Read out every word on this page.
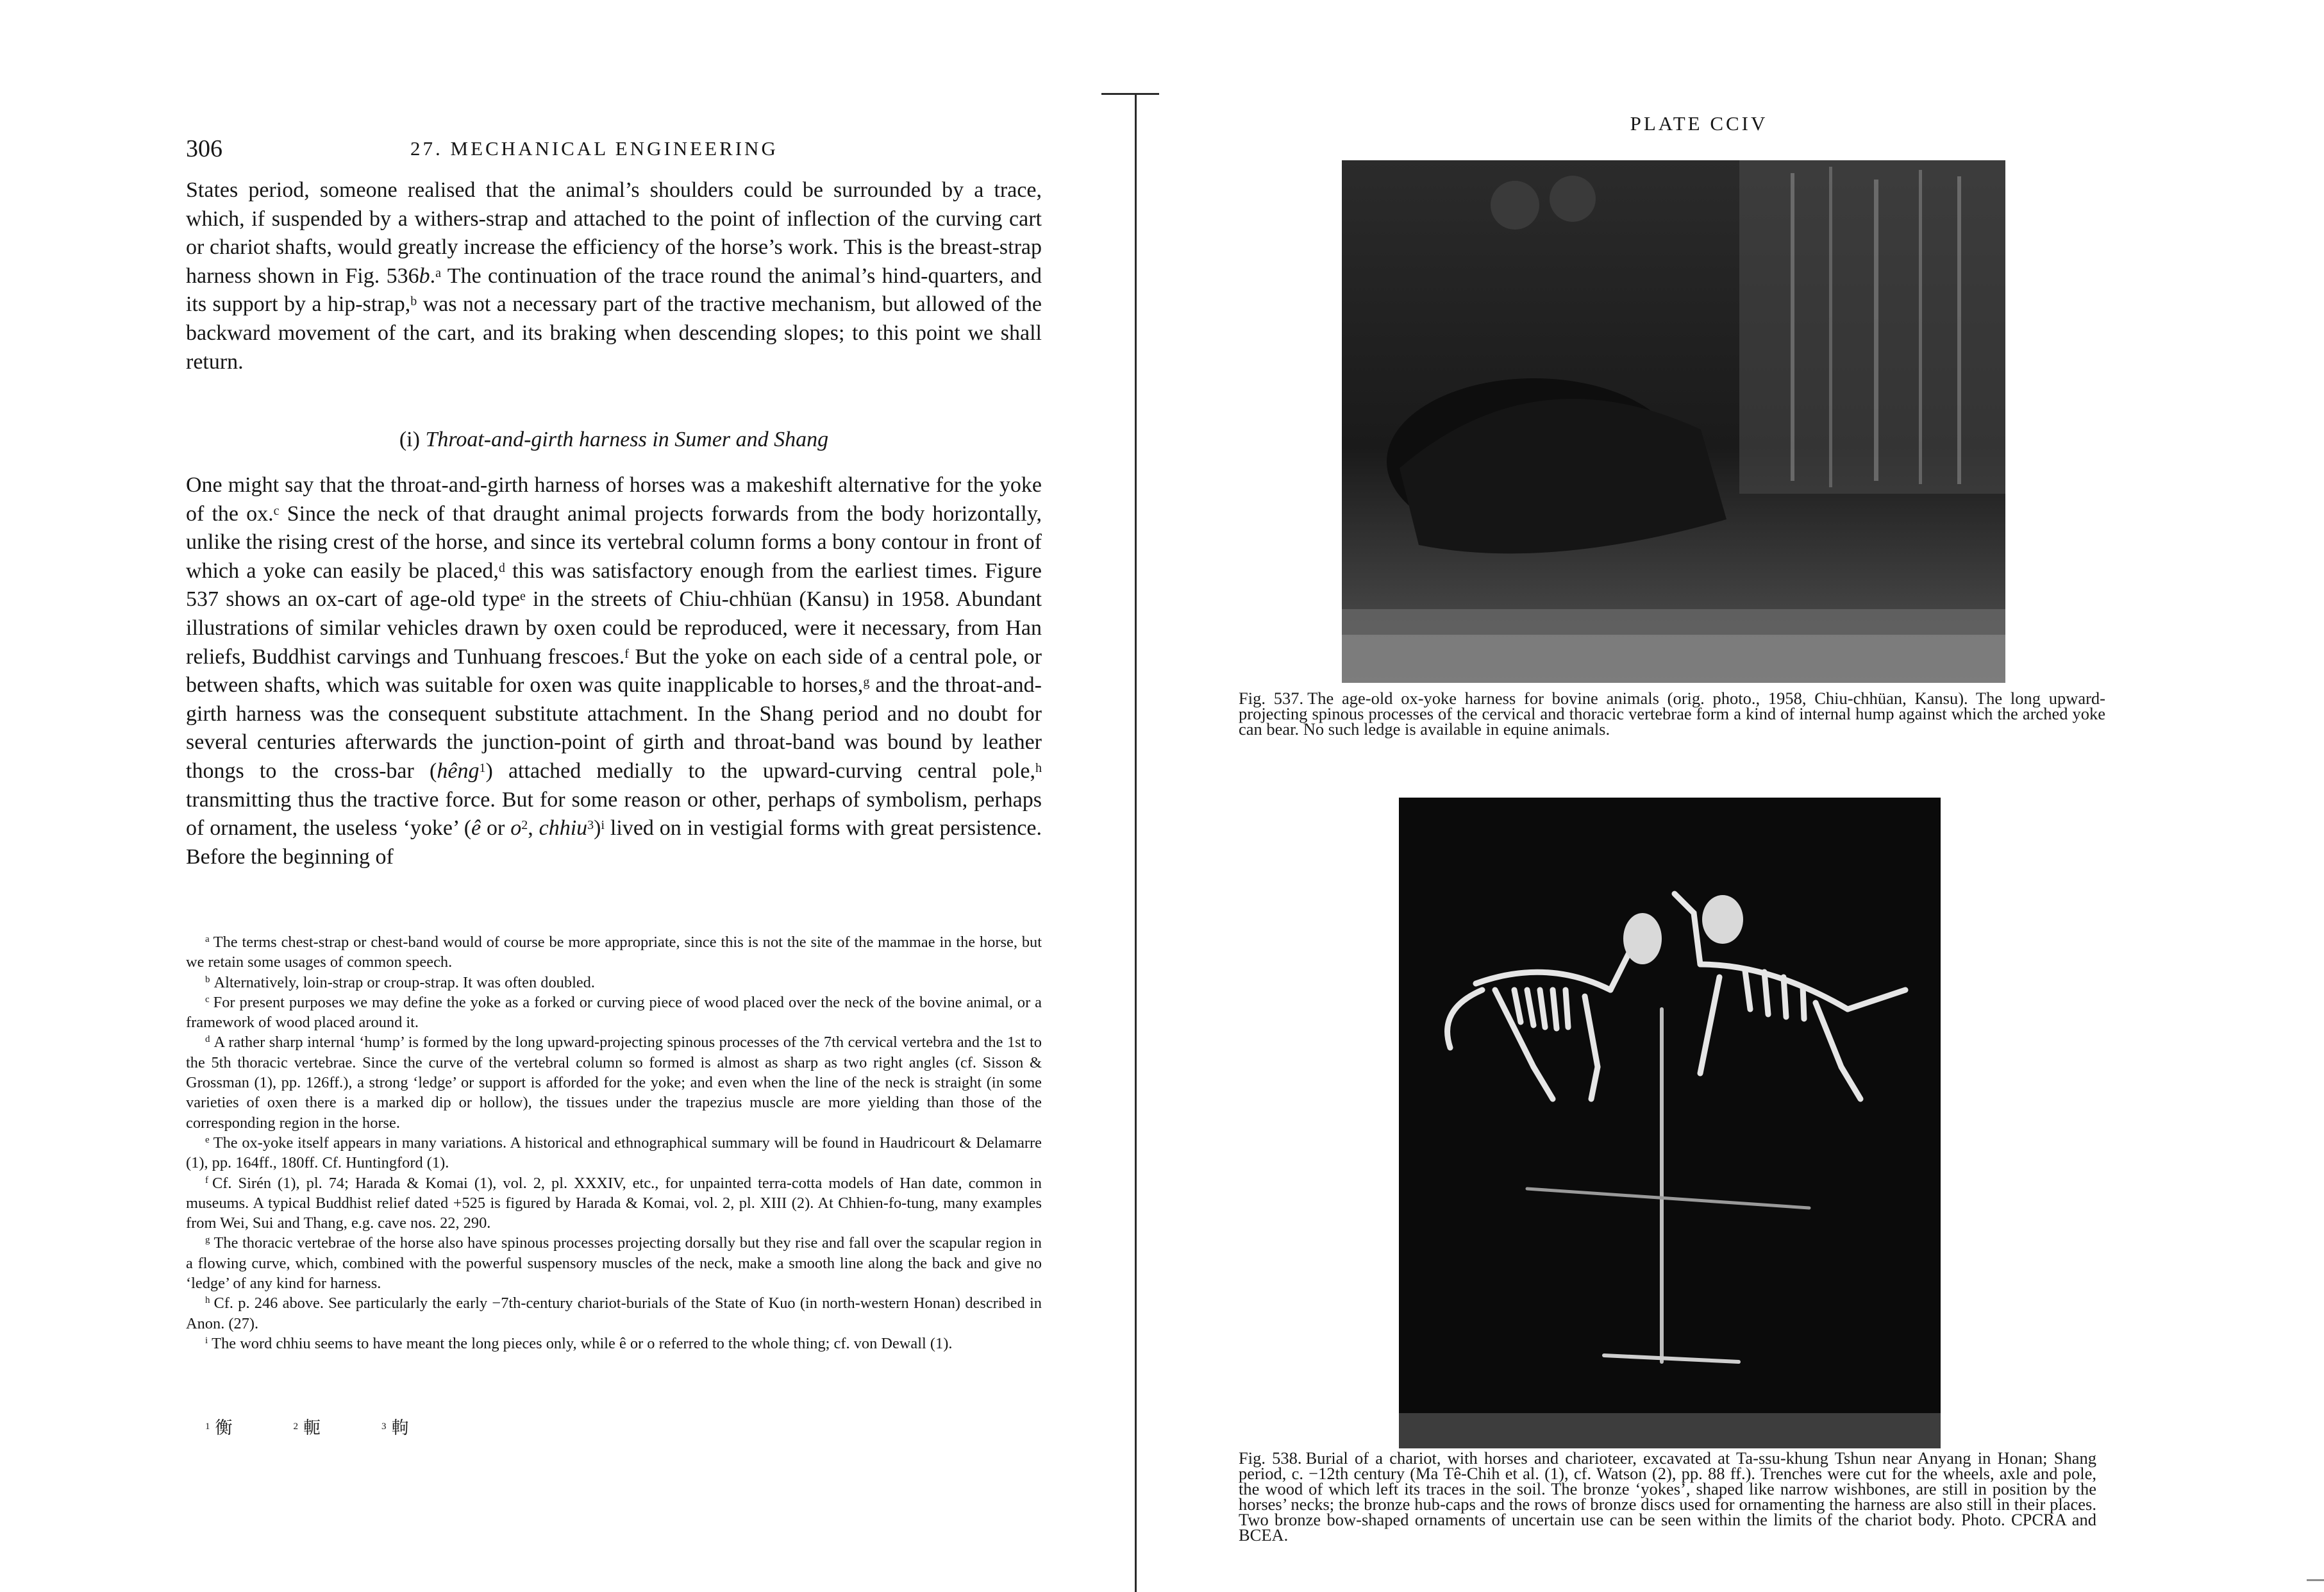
306	27. MECHANICAL ENGINEERING

States period, someone realised that the animal’s shoulders could be surrounded by a trace, which, if suspended by a withers-strap and attached to the point of inflection of the curving cart or chariot shafts, would greatly increase the efficiency of the horse’s work. This is the breast-strap harness shown in Fig. 536b.$^a$ The continuation of the trace round the animal’s hind-quarters, and its support by a hip-strap,$^b$ was not a necessary part of the tractive mechanism, but allowed of the backward movement of the cart, and its braking when descending slopes; to this point we shall return.

(i) Throat-and-girth harness in Sumer and Shang

One might say that the throat-and-girth harness of horses was a makeshift alternative for the yoke of the ox.$^c$ Since the neck of that draught animal projects forwards from the body horizontally, unlike the rising crest of the horse, and since its vertebral column forms a bony contour in front of which a yoke can easily be placed,$^d$ this was satisfactory enough from the earliest times. Figure 537 shows an ox-cart of age-old type$^e$ in the streets of Chiu-chhüan (Kansu) in 1958. Abundant illustrations of similar vehicles drawn by oxen could be reproduced, were it necessary, from Han reliefs, Buddhist carvings and Tunhuang frescoes.$^f$ But the yoke on each side of a central pole, or between shafts, which was suitable for oxen was quite inapplicable to horses,$^g$ and the throat-and-girth harness was the consequent substitute attachment. In the Shang period and no doubt for several centuries afterwards the junction-point of girth and throat-band was bound by leather thongs to the cross-bar (hêng$^1$) attached medially to the upward-curving central pole,$^h$ transmitting thus the tractive force. But for some reason or other, perhaps of symbolism, perhaps of ornament, the useless ‘yoke’ (ê or o$^2$, chhiu$^3$)$^i$ lived on in vestigial forms with great persistence. Before the beginning of

$^a$ The terms chest-strap or chest-band would of course be more appropriate, since this is not the site of the mammae in the horse, but we retain some usages of common speech.

$^b$ Alternatively, loin-strap or croup-strap. It was often doubled.

$^c$ For present purposes we may define the yoke as a forked or curving piece of wood placed over the neck of the bovine animal, or a framework of wood placed around it.

$^d$ A rather sharp internal ‘hump’ is formed by the long upward-projecting spinous processes of the 7th cervical vertebra and the 1st to the 5th thoracic vertebrae. Since the curve of the vertebral column so formed is almost as sharp as two right angles (cf. Sisson & Grossman (1), pp. 126ff.), a strong ‘ledge’ or support is afforded for the yoke; and even when the line of the neck is straight (in some varieties of oxen there is a marked dip or hollow), the tissues under the trapezius muscle are more yielding than those of the corresponding region in the horse.

$^e$ The ox-yoke itself appears in many variations. A historical and ethnographical summary will be found in Haudricourt & Delamarre (1), pp. 164ff., 180ff. Cf. Huntingford (1).

$^f$ Cf. Sirén (1), pl. 74; Harada & Komai (1), vol. 2, pl. XXXIV, etc., for unpainted terra-cotta models of Han date, common in museums. A typical Buddhist relief dated +525 is figured by Harada & Komai, vol. 2, pl. XIII (2). At Chhien-fo-tung, many examples from Wei, Sui and Thang, e.g. cave nos. 22, 290.

$^g$ The thoracic vertebrae of the horse also have spinous processes projecting dorsally but they rise and fall over the scapular region in a flowing curve, which, combined with the powerful suspensory muscles of the neck, make a smooth line along the back and give no ‘ledge’ of any kind for harness.

$^h$ Cf. p. 246 above. See particularly the early −7th-century chariot-burials of the State of Kuo (in north-western Honan) described in Anon. (27).

$^i$ The word chhiu seems to have meant the long pieces only, while ê or o referred to the whole thing; cf. von Dewall (1).

$^1$ 衡	$^2$ 軛	$^3$ 軥
PLATE CCIV

Fig. 537. The age-old ox-yoke harness for bovine animals (orig. photo., 1958, Chiu-chhüan, Kansu). The long upward-projecting spinous processes of the cervical and thoracic vertebrae form a kind of internal hump against which the arched yoke can bear. No such ledge is available in equine animals.

Fig. 538. Burial of a chariot, with horses and charioteer, excavated at Ta-ssu-khung Tshun near Anyang in Honan; Shang period, c. −12th century (Ma Tê-Chih et al. (1), cf. Watson (2), pp. 88 ff.). Trenches were cut for the wheels, axle and pole, the wood of which left its traces in the soil. The bronze ‘yokes’, shaped like narrow wishbones, are still in position by the horses’ necks; the bronze hub-caps and the rows of bronze discs used for ornamenting the harness are also still in their places. Two bronze bow-shaped ornaments of uncertain use can be seen within the limits of the chariot body. Photo. CPCRA and BCEA.
